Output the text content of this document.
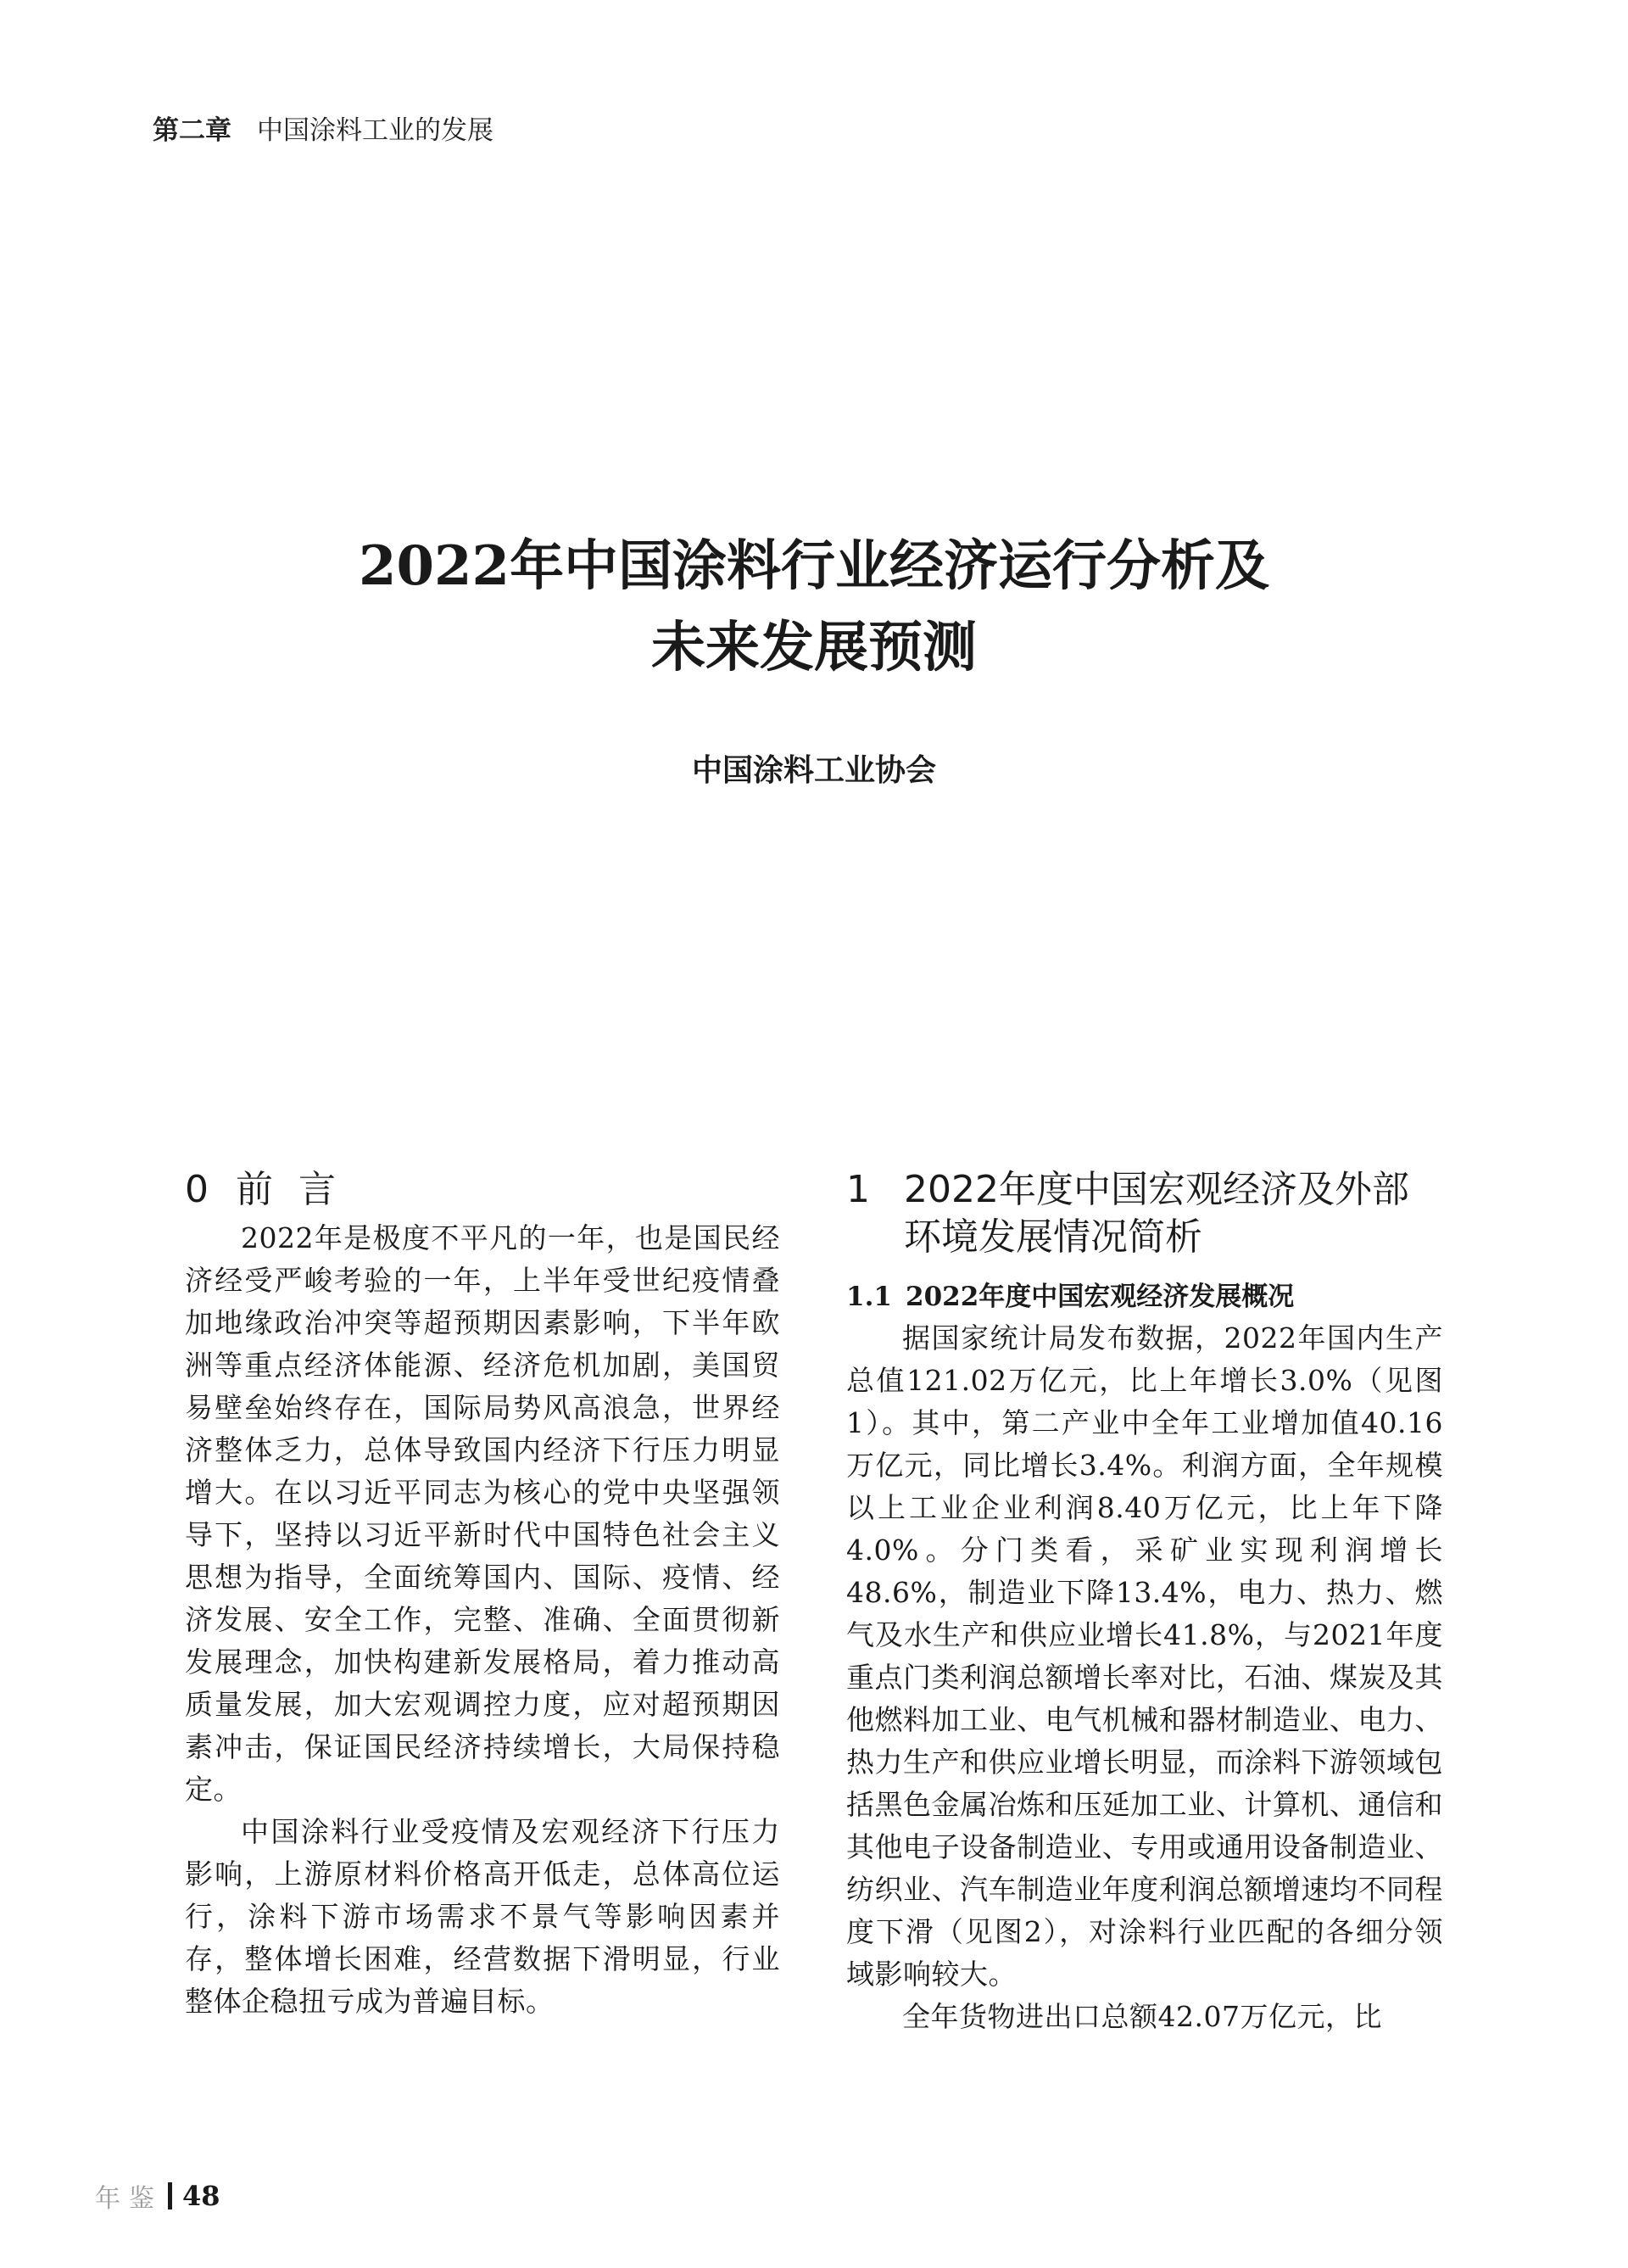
第二章 中国涂料工业的发展
2022年中国涂料行业经济运行分析及
未来发展预测
中国涂料工业协会
0 前言

2022年是极度不平凡的一年，也是国民经济经受严峻考验的一年，上半年受世纪疫情叠加地缘政治冲突等超预期因素影响，下半年欧洲等重点经济体能源、经济危机加剧，美国贸易壁垒始终存在，国际局势风高浪急，世界经济整体乏力，总体导致国内经济下行压力明显增大。在以习近平同志为核心的党中央坚强领导下，坚持以习近平新时代中国特色社会主义思想为指导，全面统筹国内、国际、疫情、经济发展、安全工作，完整、准确、全面贯彻新发展理念，加快构建新发展格局，着力推动高质量发展，加大宏观调控力度，应对超预期因素冲击，保证国民经济持续增长，大局保持稳定。

中国涂料行业受疫情及宏观经济下行压力影响，上游原材料价格高开低走，总体高位运行，涂料下游市场需求不景气等影响因素并存，整体增长困难，经营数据下滑明显，行业整体企稳扭亏成为普遍目标。

1 2022年度中国宏观经济及外部
环境发展情况简析
1.1 2022年度中国宏观经济发展概况

据国家统计局发布数据，2022年国内生产总值121.02万亿元，比上年增长3.0%（见图1）。其中，第二产业中全年工业增加值40.16万亿元，同比增长3.4%。利润方面，全年规模以上工业企业利润8.40万亿元，比上年下降4.0%。分门类看，采矿业实现利润增长48.6%，制造业下降13.4%，电力、热力、燃气及水生产和供应业增长41.8%，与2021年度重点门类利润总额增长率对比，石油、煤炭及其他燃料加工业、电气机械和器材制造业、电力、热力生产和供应业增长明显，而涂料下游领域包括黑色金属冶炼和压延加工业、计算机、通信和其他电子设备制造业、专用或通用设备制造业、纺织业、汽车制造业年度利润总额增速均不同程度下滑（见图2），对涂料行业匹配的各细分领域影响较大。

全年货物进出口总额42.07万亿元，比

年鉴 48
